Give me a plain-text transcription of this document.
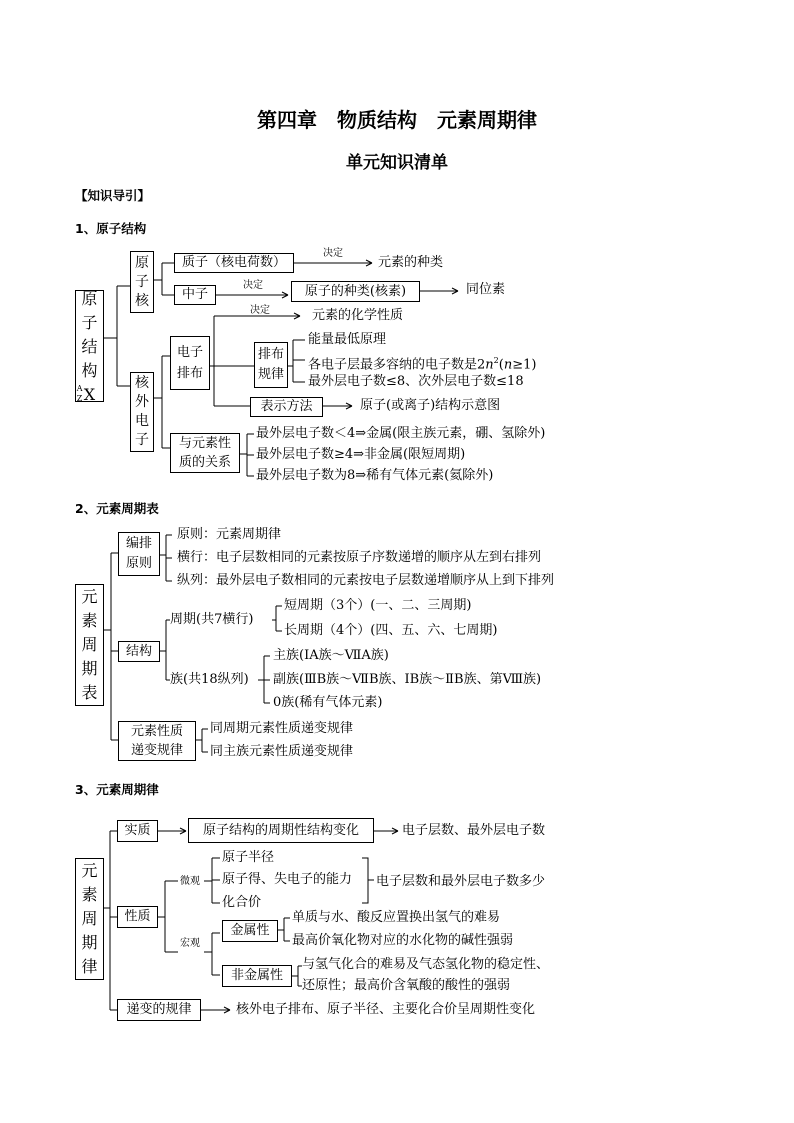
第四章　物质结构　元素周期律
单元知识清单
【知识导引】
1、原子结构
原
子
结
构
A
Z X
原
子
核
质子（核电荷数）
决定
元素的种类
中子
决定	原子的种类(核素)	同位素
核
外
电
子
电子
排布
决定	元素的化学性质
排布
规律
能量最低原理
各电子层最多容纳的电子数是$2n^2(n\ge 1)$
最外层电子数≤8、次外层电子数≤18
表示方法	原子(或离子)结构示意图
与元素性
质的关系
最外层电子数＜4⇒金属(限主族元素，硼、氢除外)
最外层电子数≥4⇒非金属(限短周期)
最外层电子数为8⇒稀有气体元素(氦除外)
2、元素周期表
元
素
周
期
表
编排
原则
原则：元素周期律
横行：电子层数相同的元素按原子序数递增的顺序从左到右排列
纵列：最外层电子数相同的元素按电子层数递增顺序从上到下排列
结构
周期(共7横行)
短周期（3个）(一、二、三周期)
长周期（4个）(四、五、六、七周期)
族(共18纵列)
主族(ⅠA族～ⅦA族)
副族(ⅢB族～ⅦB族、ⅠB族～ⅡB族、第Ⅷ族)
0族(稀有气体元素)
元素性质
递变规律
同周期元素性质递变规律
同主族元素性质递变规律
3、元素周期律
元
素
周
期
律
实质	原子结构的周期性结构变化	电子层数、最外层电子数
性质
微观
原子半径
原子得、失电子的能力
化合价
电子层数和最外层电子数多少
宏观
金属性
单质与水、酸反应置换出氢气的难易
最高价氧化物对应的水化物的碱性强弱
非金属性
与氢气化合的难易及气态氢化物的稳定性、
还原性；最高价含氧酸的酸性的强弱
递变的规律	核外电子排布、原子半径、主要化合价呈周期性变化
